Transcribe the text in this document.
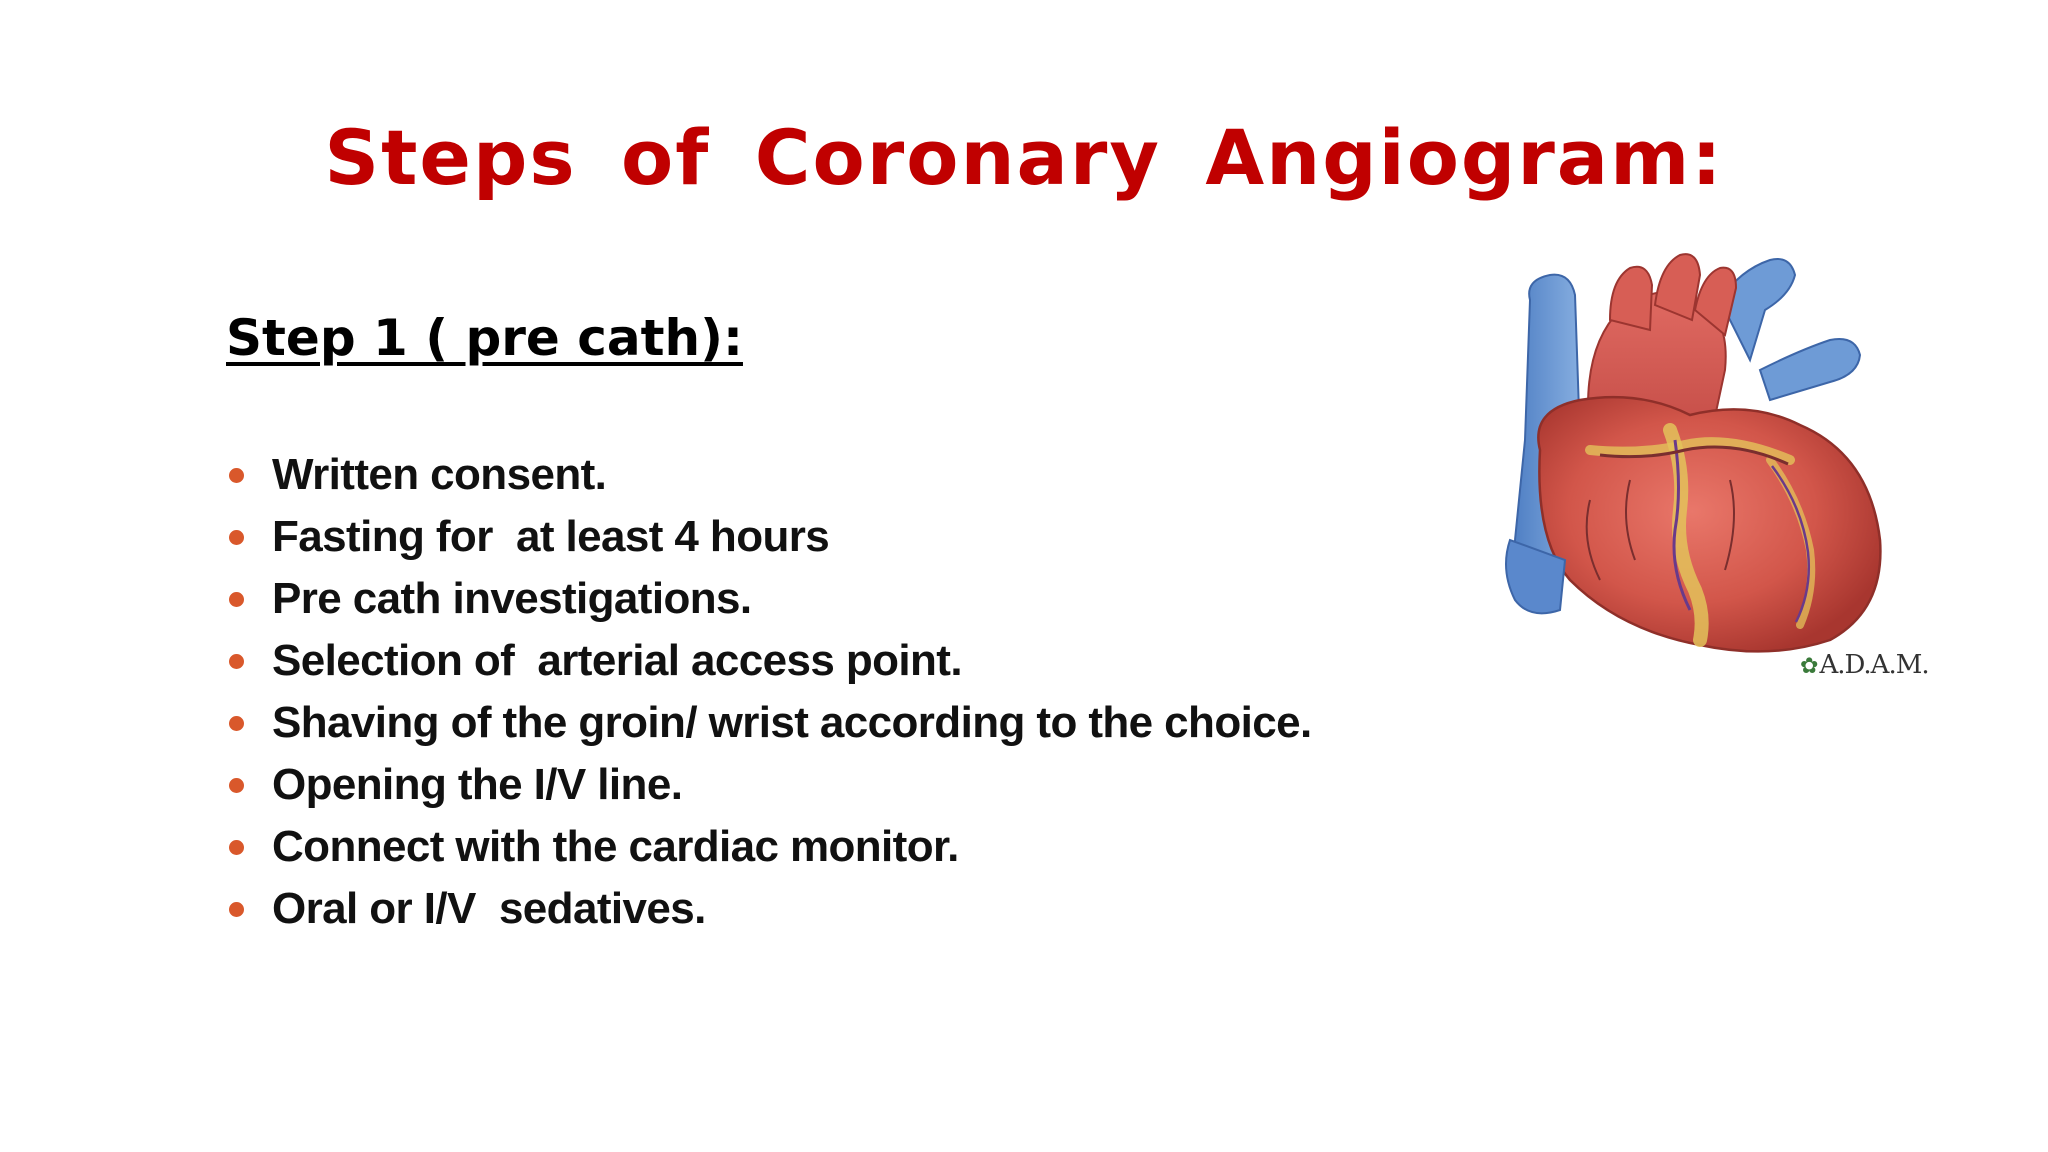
Steps of Coronary Angiogram:
Step 1 ( pre cath):
Written consent.
Fasting for  at least 4 hours
Pre cath investigations.
Selection of  arterial access point.
Shaving of the groin/ wrist according to the choice.
Opening the I/V line.
Connect with the cardiac monitor.
Oral or I/V  sedatives.
✿A.D.A.M.
